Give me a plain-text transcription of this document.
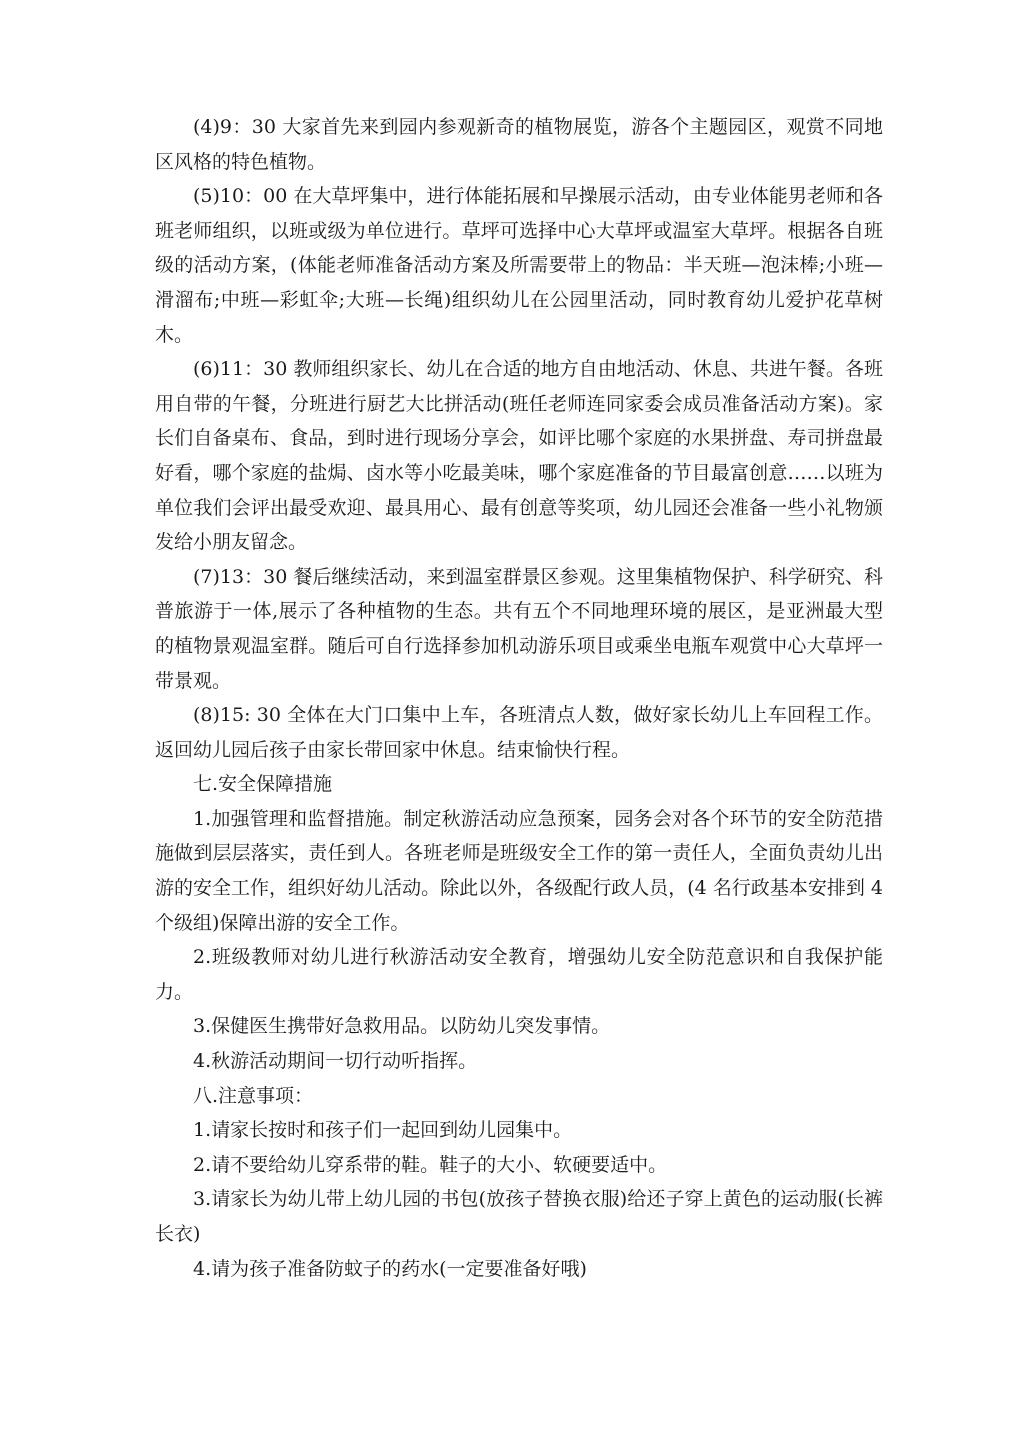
(4)9：30 大家首先来到园内参观新奇的植物展览，游各个主题园区，观赏不同地区风格的特色植物。

(5)10：00 在大草坪集中，进行体能拓展和早操展示活动，由专业体能男老师和各班老师组织，以班或级为单位进行。草坪可选择中心大草坪或温室大草坪。根据各自班级的活动方案，(体能老师准备活动方案及所需要带上的物品：半天班—泡沫棒;小班—滑溜布;中班—彩虹伞;大班—长绳)组织幼儿在公园里活动，同时教育幼儿爱护花草树木。

(6)11：30 教师组织家长、幼儿在合适的地方自由地活动、休息、共进午餐。各班用自带的午餐，分班进行厨艺大比拼活动(班任老师连同家委会成员准备活动方案)。家长们自备桌布、食品，到时进行现场分享会，如评比哪个家庭的水果拼盘、寿司拼盘最好看，哪个家庭的盐焗、卤水等小吃最美味，哪个家庭准备的节目最富创意……以班为单位我们会评出最受欢迎、最具用心、最有创意等奖项，幼儿园还会准备一些小礼物颁发给小朋友留念。

(7)13：30 餐后继续活动，来到温室群景区参观。这里集植物保护、科学研究、科普旅游于一体,展示了各种植物的生态。共有五个不同地理环境的展区，是亚洲最大型的植物景观温室群。随后可自行选择参加机动游乐项目或乘坐电瓶车观赏中心大草坪一带景观。

(8)15: 30 全体在大门口集中上车，各班清点人数，做好家长幼儿上车回程工作。返回幼儿园后孩子由家长带回家中休息。结束愉快行程。

七.安全保障措施

1.加强管理和监督措施。制定秋游活动应急预案，园务会对各个环节的安全防范措施做到层层落实，责任到人。各班老师是班级安全工作的第一责任人，全面负责幼儿出游的安全工作，组织好幼儿活动。除此以外，各级配行政人员，(4 名行政基本安排到 4 个级组)保障出游的安全工作。

2.班级教师对幼儿进行秋游活动安全教育，增强幼儿安全防范意识和自我保护能力。

3.保健医生携带好急救用品。以防幼儿突发事情。

4.秋游活动期间一切行动听指挥。

八.注意事项：

1.请家长按时和孩子们一起回到幼儿园集中。

2.请不要给幼儿穿系带的鞋。鞋子的大小、软硬要适中。

3.请家长为幼儿带上幼儿园的书包(放孩子替换衣服)给还子穿上黄色的运动服(长裤长衣)

4.请为孩子准备防蚊子的药水(一定要准备好哦)
